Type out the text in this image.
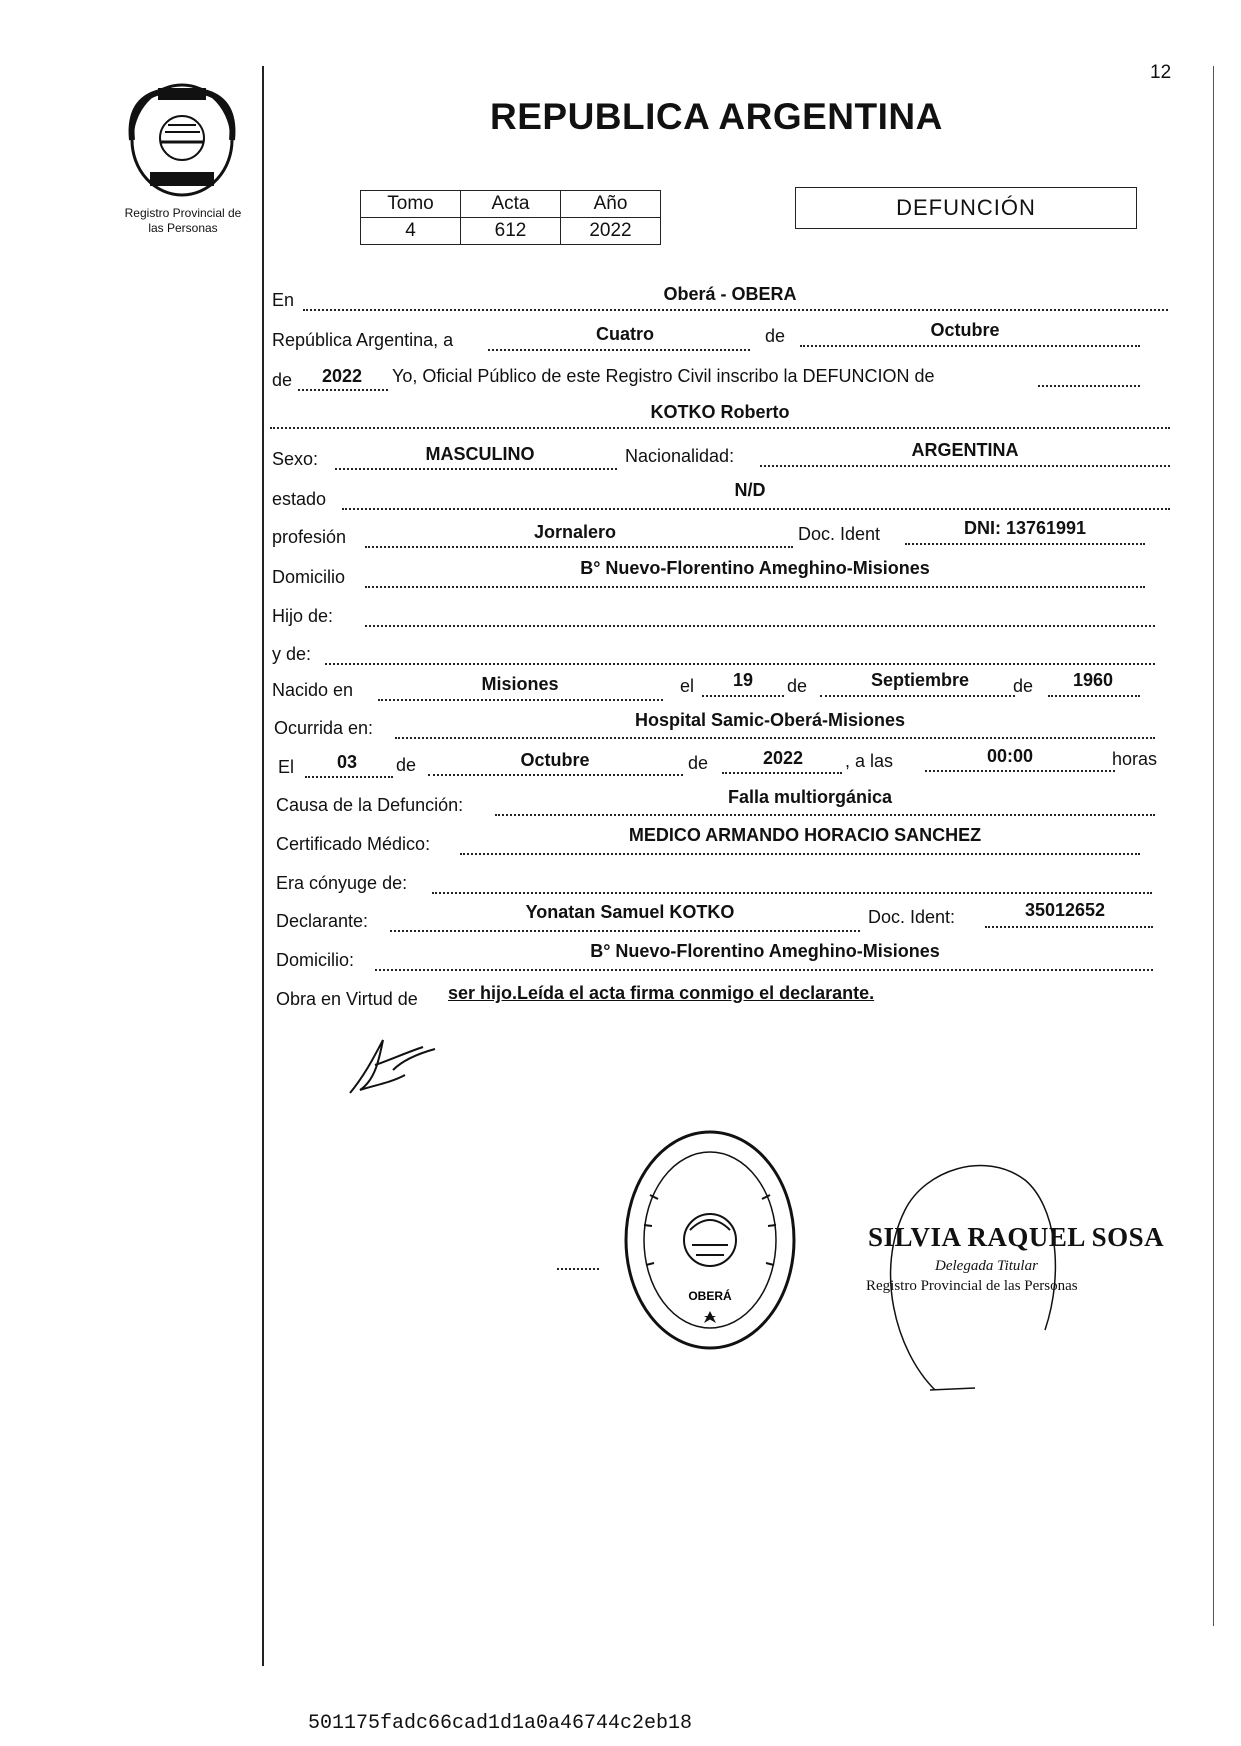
12
Registro Provincial de
las Personas
REPUBLICA ARGENTINA
Tomo	Acta	Año
4	612	2022
DEFUNCIÓN
En	Oberá - OBERA
República Argentina, a	Cuatro	de	Octubre
de	2022	Yo, Oficial Público de este Registro Civil inscribo la DEFUNCION de
KOTKO Roberto
Sexo:	MASCULINO	Nacionalidad:	ARGENTINA
estado	N/D
profesión	Jornalero	Doc. Ident	DNI: 13761991
Domicilio	B° Nuevo-Florentino Ameghino-Misiones
Hijo de:
y de:
Nacido en	Misiones	el	19	de	Septiembre	de	1960
Ocurrida en:	Hospital Samic-Oberá-Misiones
El	03	de	Octubre	de	2022	, a las	00:00	horas
Causa de la Defunción:	Falla multiorgánica
Certificado Médico:	MEDICO ARMANDO HORACIO SANCHEZ
Era cónyuge de:
Declarante:	Yonatan Samuel KOTKO	Doc. Ident:	35012652
Domicilio:	B° Nuevo-Florentino Ameghino-Misiones
Obra en Virtud de ser hijo.Leída el acta firma conmigo el declarante.
OBERÁ
SILVIA RAQUEL SOSA
Delegada Titular
Registro Provincial de las Personas
501175fadc66cad1d1a0a46744c2eb18
